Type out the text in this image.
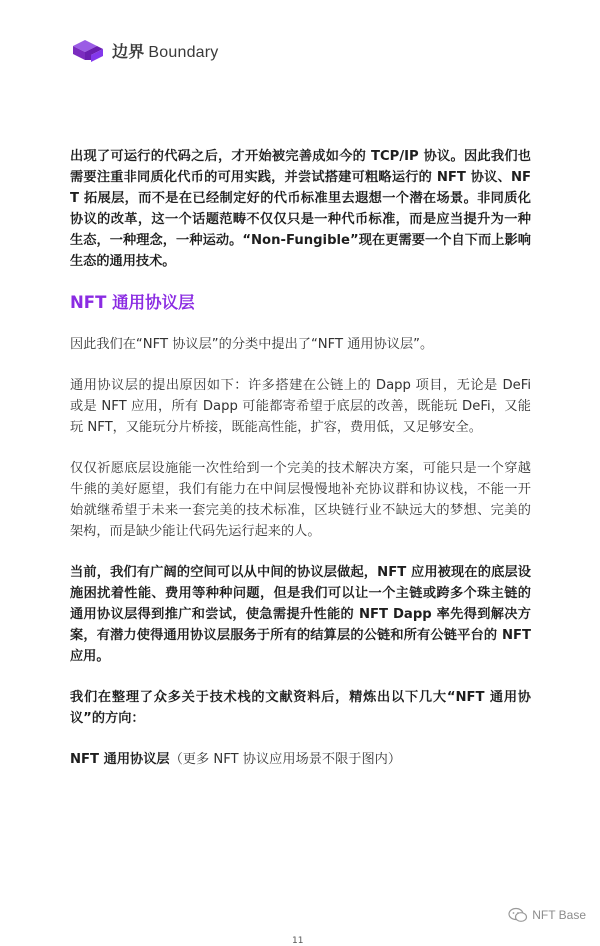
边界 Boundary

出现了可运行的代码之后，才开始被完善成如今的 TCP/IP 协议。因此我们也需要注重非同质化代币的可用实践，并尝试搭建可粗略运行的 NFT 协议、NFT 拓展层，而不是在已经制定好的代币标准里去遐想一个潜在场景。非同质化协议的改革，这一个话题范畴不仅仅只是一种代币标准，而是应当提升为一种生态，一种理念，一种运动。“Non-Fungible”现在更需要一个自下而上影响生态的通用技术。

NFT 通用协议层

因此我们在“NFT 协议层”的分类中提出了“NFT 通用协议层”。

通用协议层的提出原因如下：许多搭建在公链上的 Dapp 项目，无论是 DeFi 或是 NFT 应用，所有 Dapp 可能都寄希望于底层的改善，既能玩 DeFi，又能玩 NFT，又能玩分片桥接，既能高性能，扩容，费用低，又足够安全。

仅仅祈愿底层设施能一次性给到一个完美的技术解决方案，可能只是一个穿越牛熊的美好愿望，我们有能力在中间层慢慢地补充协议群和协议栈，不能一开始就继希望于未来一套完美的技术标准，区块链行业不缺远大的梦想、完美的架构，而是缺少能让代码先运行起来的人。

当前，我们有广阔的空间可以从中间的协议层做起，NFT 应用被现在的底层设施困扰着性能、费用等种种问题，但是我们可以让一个主链或跨多个珠主链的通用协议层得到推广和尝试，使急需提升性能的 NFT Dapp 率先得到解决方案，有潜力使得通用协议层服务于所有的结算层的公链和所有公链平台的 NFT 应用。

我们在整理了众多关于技术栈的文献资料后，精炼出以下几大“NFT 通用协议”的方向：

NFT 通用协议层（更多 NFT 协议应用场景不限于图内）

NFT Base
11
